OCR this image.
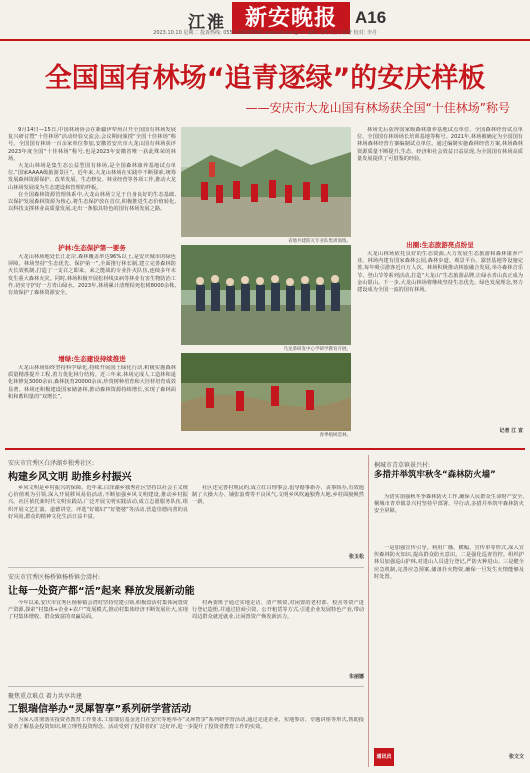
江淮 新安晚报	A16
2023.10.10 星期二 投诉热线: 0551-62639000 www.ahwang.cn 编辑:吴莉 版式:富誉 校对: 李丹
全国国有林场“追青逐绿”的安庆样板
——安庆市大龙山国有林场获全国“十佳林场”称号

9月14日—15日,中国林场协会在新疆伊犁州召开全国国有林场发展复兴研讨暨“十佳林场”活动经验交流会,会议期间颁授“全国十佳林场”称号。全国国有林场一百余家单位参加,安徽省安庆市大龙山国有林场获评2023年度全国“十佳林场”称号,也是2023年安徽省唯一获此殊荣的林场。

大龙山林场是集生态公益型国有林场,是全国森林康养基地试点单位,“国家AAAA级旅游景区”。近年来,大龙山林场在实践中不断探索,统筹发展森林资源保护、改革发展、生态修复、林业经营等各项工作,推动大龙山林场发展成为生态建设和管理的样板。

在全国森林资源管理体系中,大龙山林场立足于自身良好的生态基础,以保护发展森林资源为核心,将生态保护放在首位,积极推进生态价值转化,以科技支撑林业高质量发展,走出一条独具特色的国有林场发展之路。

护林:生态保护第一要务
大龙山林场地处长江北岸,森林覆盖率达96%以上,是安庆城市的绿色屏障。林场坚持“生态优先、保护第一”,全面推行林长制,建立完善森林防火长效机制,打造了一支召之即来、来之能战的专业扑火队伍,连续多年未发生重大森林火灾。同时,林场积极开展松材线虫病等林业有害生物防治工作,切实守护好一方青山绿水。2023年,林场累计清理枯死松树8000余株,有效保护了森林资源安全。
增绿:生态建设持续推进
大龙山林场始终坚持科学绿化,持续开展国土绿化行动,积极实施森林质量精准提升工程,着力优化林分结构。近三年来,林场完成人工造林和退化林修复3000余亩,森林抚育20000余亩,珍贵树种培育和大径材培育成效显著。林场还积极建设国家储备林,推动森林资源持续增长,实现了森林面积和蓄积量的“双增长”。
省地共建防灭专业队集训演练。
乌龙茶研发中心学研学教育开展。
春季植树造林。
林场先后获得国家级森林康养基地试点单位、全国森林经营试点单位、全国国有林场场长培训基地等称号。2021年,林场被确定为全国国有林场森林经营方案编制试点单位。通过编制实施森林经营方案,林场森林资源质量不断提升,生态、经济和社会效益日益显现,为全国国有林场高质量发展提供了可借鉴的经验。
出圈:生态旅游亮点纷呈
大龙山林场依托良好的生态资源,大力发展生态旅游和森林康养产业。林场内建有国家森林公园,森林步道、观景平台、露营基地等设施完善,每年吸引游客近百万人次。林场积极推动林旅融合发展,举办森林音乐节、登山节等系列活动,打造“大龙山”生态旅游品牌,让绿水青山真正成为金山银山。下一步,大龙山林场将继续坚持生态优先、绿色发展理念,努力建设成为全国一流的国有林场。
记者 江 宣
安庆市宜秀区白泽湖乡独秀社区:
构建乡风文明 助推乡村振兴
乡风文明是乡村振兴的保障。近年来,白泽湖乡独秀社区坚持以社会主义核心价值观为引领,深入开展移风易俗活动,不断加强乡风文明建设,推动乡村振兴。社区依托新时代文明实践站,广泛开展文明实践活动,成立志愿服务队伍,组织开展文艺汇演、道德讲堂、评选“好媳妇”“好婆婆”等活动,营造崇德向善的良好风尚,群众的精神文化生活日益丰富。
社区还完善村规民约,成立红白理事会,倡导婚事新办、丧事简办,有效遏制了大操大办、铺张浪费等不良风气,文明乡风吹遍独秀大地,乡村面貌焕然一新。
张玉松
安庆市宜秀区杨桥镇杨桥镇会湾村:
让每一处资产都“活”起来 释放发展新动能
今年以来,安庆市宜秀区杨桥镇会湾村坚持党建引领,积极盘活村集体闲置资产资源,探索“村集体+企业+农户”发展模式,推动村集体经济不断发展壮大,实现了村集体增收、群众致富的双赢局面。
村两委班子通过实地走访、清产核资,对闲置的老村部、校舍等资产进行登记造册,并通过招商引资、公开租赁等方式,引进企业发展特色产业,带动周边群众就近就业,让闲置资产焕发新活力。
朱丽娜
聚焦重点难点 着力共享共建
工银瑞信举办“灵犀智享”系列研学营活动
为深入贯彻落实投资者教育工作要求,工银瑞信基金近日在安庆等地举办“灵犀智享”系列研学营活动,通过走进企业、实地参访、专题讲座等形式,帮助投资者了解基金投资知识,树立理性投资理念。活动受到了投资者的广泛好评,进一步提升了投资者教育工作的实效。
桐城市青草镇景兴村:
多措并举筑牢秋冬“森林防火墙”
为切实加强秋冬季森林防火工作,确保人民群众生命财产安全,桐城市青草镇景兴村坚持早部署、早行动,多措并举筑牢森林防火安全屏障。
一是加强宣传引导。利用广播、横幅、宣传单等形式,深入宣传森林防火知识,提高群众防火意识。二是强化巡查管控。组织护林员加强巡山护林,对进山人员进行登记,严防火种进山。三是健全应急机制,完善应急预案,储备扑火物资,确保一旦发生火情能够及时处置。
通讯员	张文文
